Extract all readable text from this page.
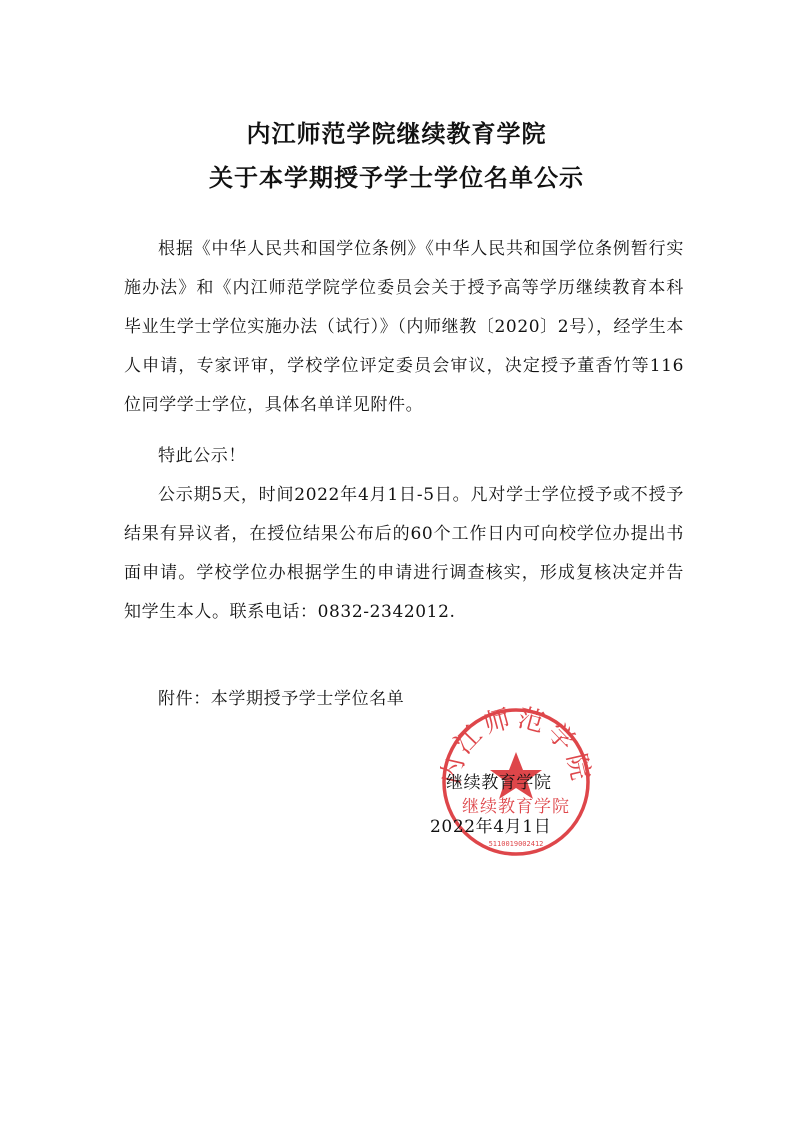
内江师范学院继续教育学院
关于本学期授予学士学位名单公示

根据《中华人民共和国学位条例》《中华人民共和国学位条例暂行实施办法》和《内江师范学院学位委员会关于授予高等学历继续教育本科毕业生学士学位实施办法（试行）》（内师继教〔2020〕2号），经学生本人申请，专家评审，学校学位评定委员会审议，决定授予董香竹等116位同学学士学位，具体名单详见附件。

特此公示！

公示期5天，时间2022年4月1日-5日。凡对学士学位授予或不授予结果有异议者，在授位结果公布后的60个工作日内可向校学位办提出书面申请。学校学位办根据学生的申请进行调查核实，形成复核决定并告知学生本人。联系电话：0832-2342012.

附件：本学期授予学士学位名单
江师范学
5110019002412
继续教育学院
继续教育学院
2022年4月1日
